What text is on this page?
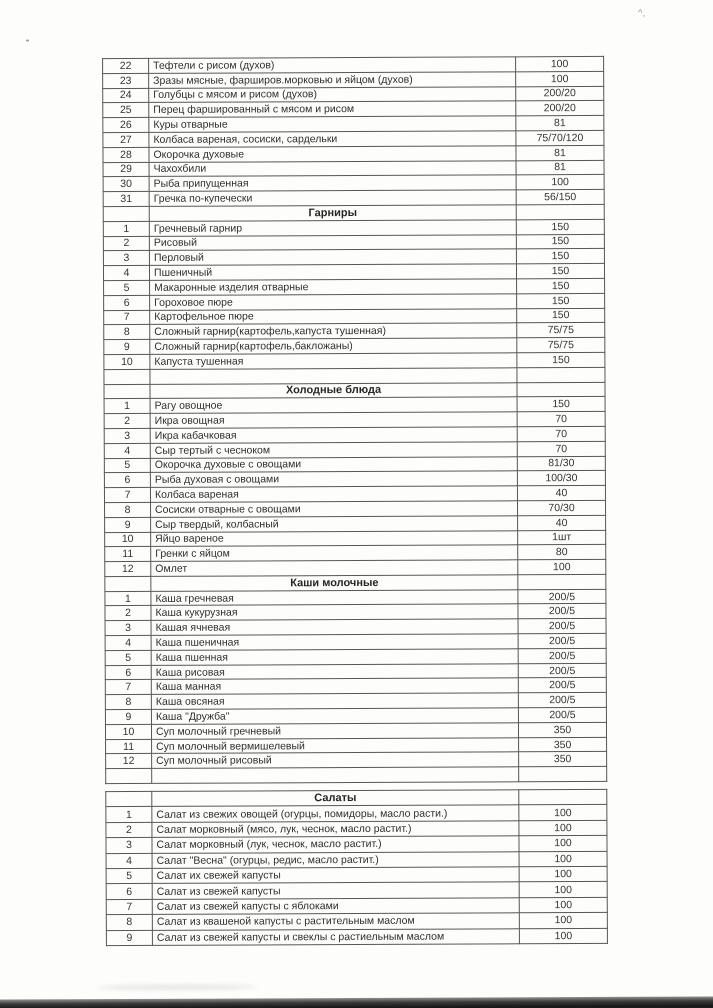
^,
22	Тефтели с рисом (духов)	100
23	Зразы мясные, фарширов.морковью и яйцом (духов)	100
24	Голубцы с мясом и рисом (духов)	200/20
25	Перец фаршированный с мясом и рисом	200/20
26	Куры отварные	81
27	Колбаса вареная, сосиски, сардельки	75/70/120
28	Окорочка духовые	81
29	Чахохбили	81
30	Рыба припущенная	100
31	Гречка по-купечески	56/150
	Гарниры	
1	Гречневый гарнир	150
2	Рисовый	150
3	Перловый	150
4	Пшеничный	150
5	Макаронные изделия отварные	150
6	Гороховое пюре	150
7	Картофельное пюре	150
8	Сложный гарнир(картофель,капуста тушенная)	75/75
9	Сложный гарнир(картофель,бакложаны)	75/75
10	Капуста тушенная	150

	Холодные блюда	
1	Рагу овощное	150
2	Икра овощная	70
3	Икра кабачковая	70
4	Сыр тертый с чесноком	70
5	Окорочка духовые с овощами	81/30
6	Рыба духовая с овощами	100/30
7	Колбаса вареная	40
8	Сосиски отварные с овощами	70/30
9	Сыр твердый, колбасный	40
10	Яйцо вареное	1шт
11	Гренки с яйцом	80
12	Омлет	100
	Каши молочные	
1	Каша гречневая	200/5
2	Каша кукурузная	200/5
3	Кашая ячневая	200/5
4	Каша пшеничная	200/5
5	Каша пшенная	200/5
6	Каша рисовая	200/5
7	Каша манная	200/5
8	Каша овсяная	200/5
9	Каша "Дружба"	200/5
10	Суп молочный гречневый	350
11	Суп молочный вермишелевый	350
12	Суп молочный рисовый	350

	Салаты	
1	Салат из свежих овощей (огурцы, помидоры, масло расти.)	100
2	Салат морковный (мясо, лук, чеснок, масло растит.)	100
3	Салат морковный (лук, чеснок, масло растит.)	100
4	Салат "Весна" (огурцы, редис, масло растит.)	100
5	Салат их свежей капусты	100
6	Салат из свежей капусты	100
7	Салат из свежей капусты с яблоками	100
8	Салат из квашеной капусты с растительным маслом	100
9	Салат из свежей капусты и свеклы с растиельным маслом	100
